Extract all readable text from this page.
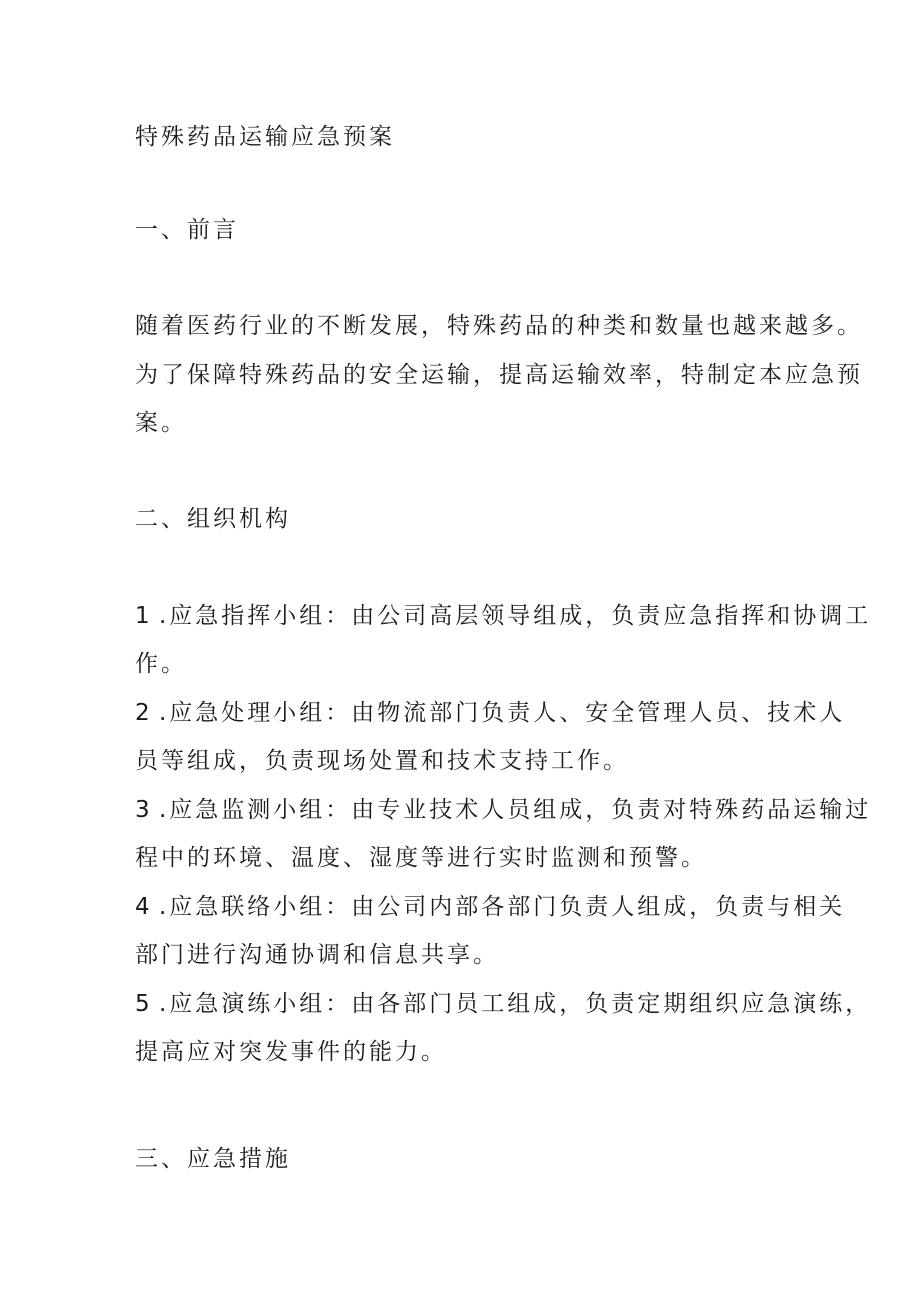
特殊药品运输应急预案
一、前言
随着医药行业的不断发展，特殊药品的种类和数量也越来越多。
为了保障特殊药品的安全运输，提高运输效率，特制定本应急预
案。
二、组织机构
1 .应急指挥小组：由公司高层领导组成，负责应急指挥和协调工
作。
2 .应急处理小组：由物流部门负责人、安全管理人员、技术人
员等组成，负责现场处置和技术支持工作。
3 .应急监测小组：由专业技术人员组成，负责对特殊药品运输过
程中的环境、温度、湿度等进行实时监测和预警。
4 .应急联络小组：由公司内部各部门负责人组成，负责与相关
部门进行沟通协调和信息共享。
5 .应急演练小组：由各部门员工组成，负责定期组织应急演练，
提高应对突发事件的能力。
三、应急措施
